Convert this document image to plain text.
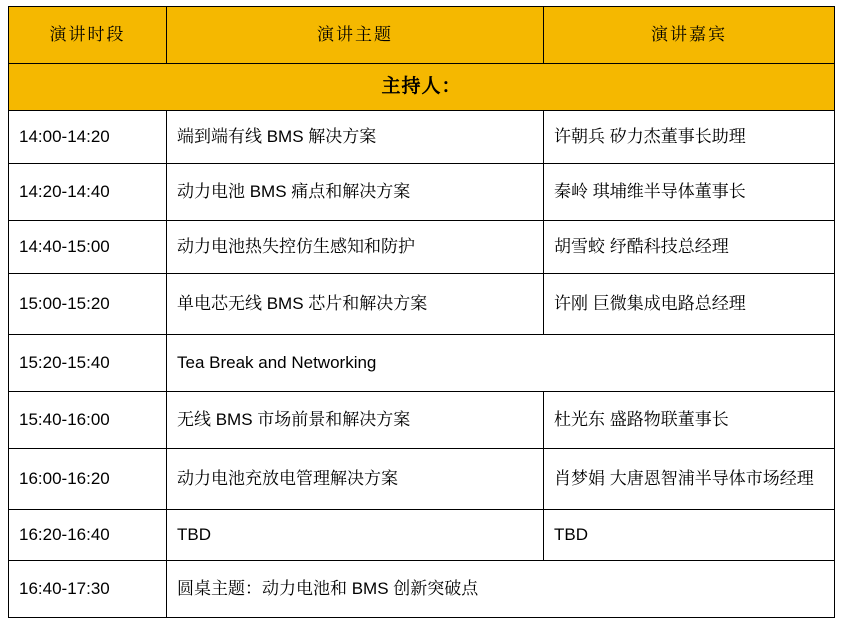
演讲时段	演讲主题	演讲嘉宾
主持人：		
14:00-14:20	端到端有线 BMS 解决方案	许朝兵 矽力杰董事长助理
14:20-14:40	动力电池 BMS 痛点和解决方案	秦岭 琪埔维半导体董事长
14:40-15:00	动力电池热失控仿生感知和防护	胡雪蛟 纾酷科技总经理
15:00-15:20	单电芯无线 BMS 芯片和解决方案	许刚 巨微集成电路总经理
15:20-15:40	Tea Break and Networking	
15:40-16:00	无线 BMS 市场前景和解决方案	杜光东 盛路物联董事长
16:00-16:20	动力电池充放电管理解决方案	肖梦娟 大唐恩智浦半导体市场经理
16:20-16:40	TBD	TBD
16:40-17:30	圆桌主题：动力电池和 BMS 创新突破点	
